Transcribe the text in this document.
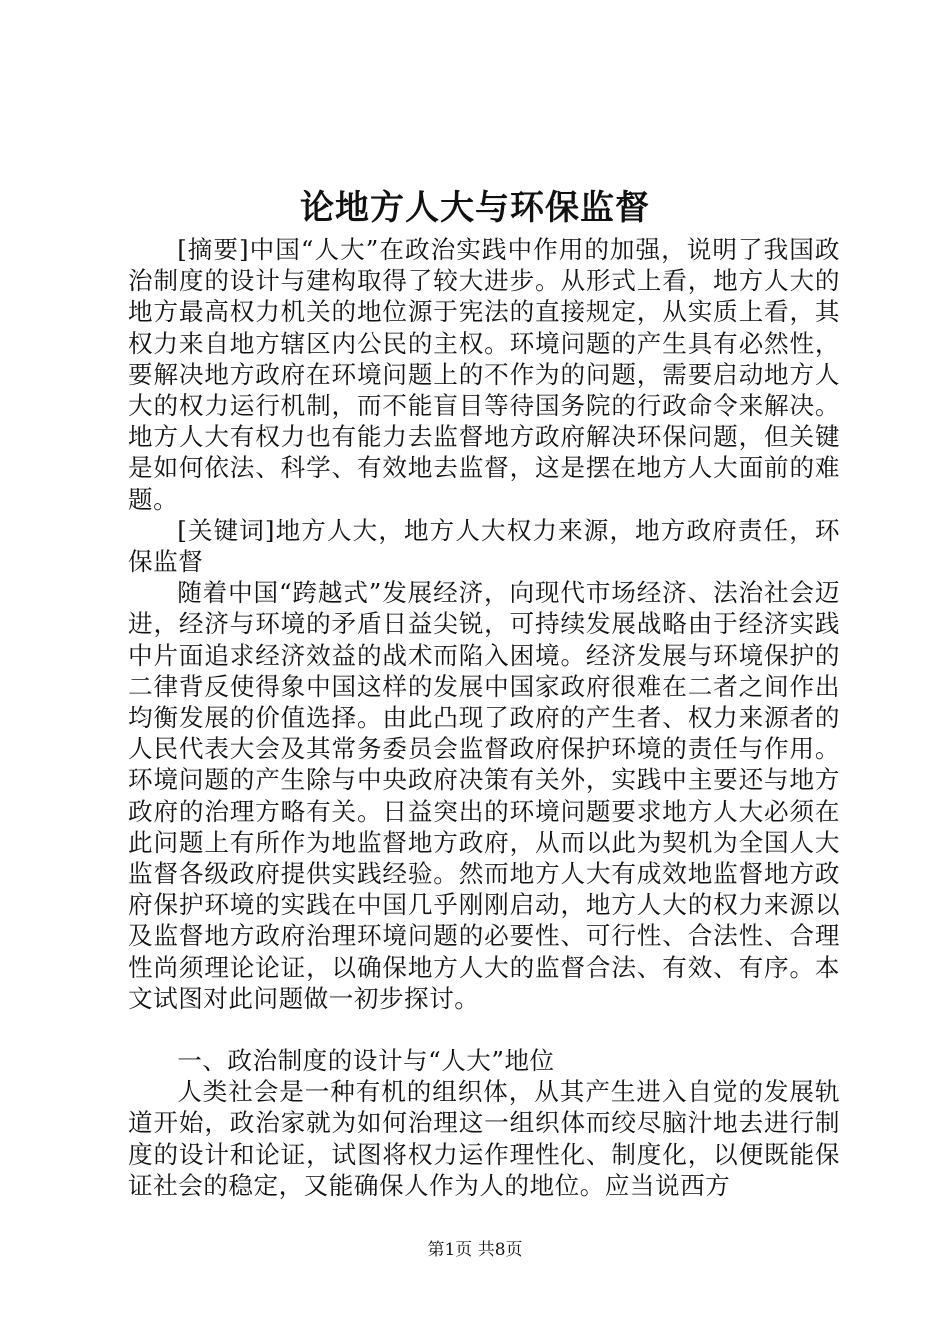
论地方人大与环保监督

[摘要]中国“人大”在政治实践中作用的加强，说明了我国政治制度的设计与建构取得了较大进步。从形式上看，地方人大的地方最高权力机关的地位源于宪法的直接规定，从实质上看，其权力来自地方辖区内公民的主权。环境问题的产生具有必然性，要解决地方政府在环境问题上的不作为的问题，需要启动地方人大的权力运行机制，而不能盲目等待国务院的行政命令来解决。地方人大有权力也有能力去监督地方政府解决环保问题，但关键是如何依法、科学、有效地去监督，这是摆在地方人大面前的难题。

[关键词]地方人大，地方人大权力来源，地方政府责任，环保监督

随着中国“跨越式”发展经济，向现代市场经济、法治社会迈进，经济与环境的矛盾日益尖锐，可持续发展战略由于经济实践中片面追求经济效益的战术而陷入困境。经济发展与环境保护的二律背反使得象中国这样的发展中国家政府很难在二者之间作出均衡发展的价值选择。由此凸现了政府的产生者、权力来源者的人民代表大会及其常务委员会监督政府保护环境的责任与作用。环境问题的产生除与中央政府决策有关外，实践中主要还与地方政府的治理方略有关。日益突出的环境问题要求地方人大必须在此问题上有所作为地监督地方政府，从而以此为契机为全国人大监督各级政府提供实践经验。然而地方人大有成效地监督地方政府保护环境的实践在中国几乎刚刚启动，地方人大的权力来源以及监督地方政府治理环境问题的必要性、可行性、合法性、合理性尚须理论论证，以确保地方人大的监督合法、有效、有序。本文试图对此问题做一初步探讨。

一、政治制度的设计与“人大”地位

人类社会是一种有机的组织体，从其产生进入自觉的发展轨道开始，政治家就为如何治理这一组织体而绞尽脑汁地去进行制度的设计和论证，试图将权力运作理性化、制度化，以便既能保证社会的稳定，又能确保人作为人的地位。应当说西方

第1页 共8页
